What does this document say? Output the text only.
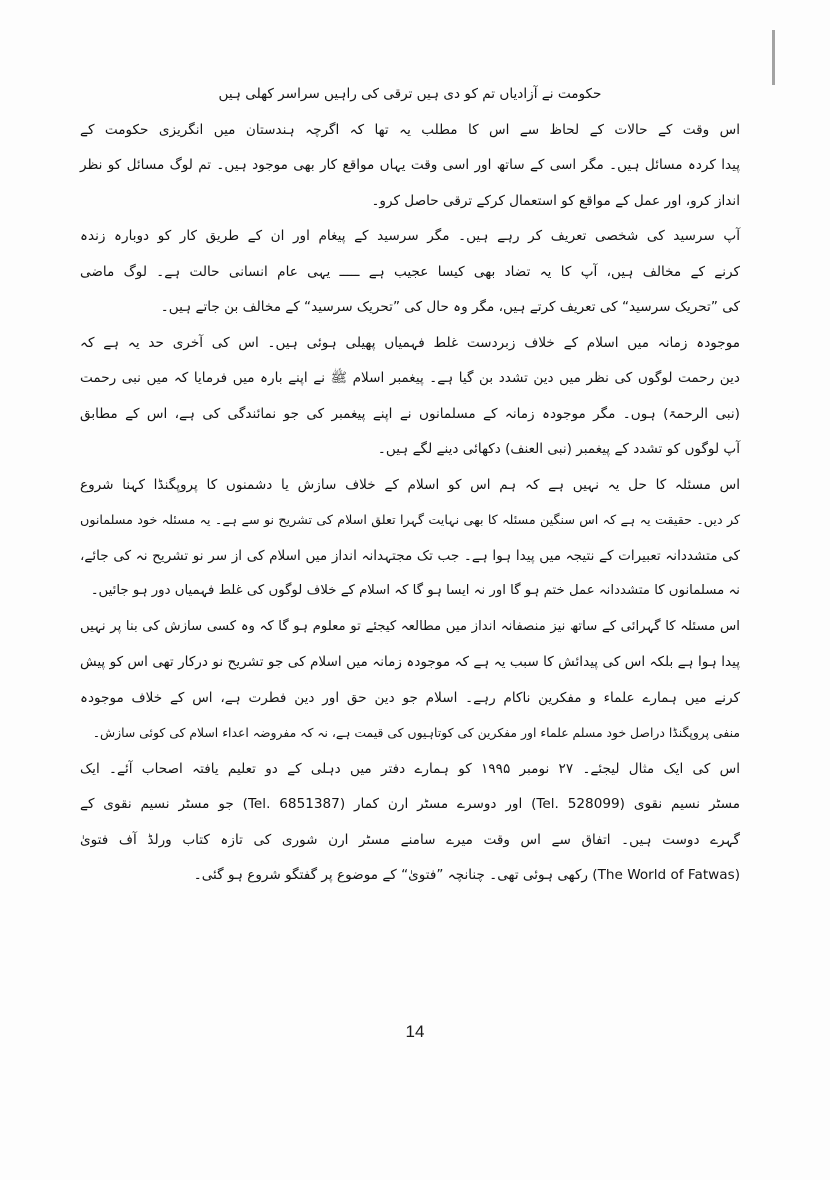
حکومت نے آزادیاں تم کو دی ہیں ترقی کی راہیں سراسر کھلی ہیں
اس وقت کے حالات کے لحاظ سے اس کا مطلب یہ تھا کہ اگرچہ ہندستان میں انگریزی حکومت کے
پیدا کردہ مسائل ہیں۔ مگر اسی کے ساتھ اور اسی وقت یہاں مواقع کار بھی موجود ہیں۔ تم لوگ مسائل کو نظر
انداز کرو، اور عمل کے مواقع کو استعمال کرکے ترقی حاصل کرو۔
آپ سرسید کی شخصی تعریف کر رہے ہیں۔ مگر سرسید کے پیغام اور ان کے طریق کار کو دوبارہ زندہ
کرنے کے مخالف ہیں، آپ کا یہ تضاد بھی کیسا عجیب ہے ـــــ یہی عام انسانی حالت ہے۔ لوگ ماضی
کی ”تحریک سرسید“ کی تعریف کرتے ہیں، مگر وہ حال کی ”تحریک سرسید“ کے مخالف بن جاتے ہیں۔
موجودہ زمانہ میں اسلام کے خلاف زبردست غلط فہمیاں پھیلی ہوئی ہیں۔ اس کی آخری حد یہ ہے کہ
دین رحمت لوگوں کی نظر میں دین تشدد بن گیا ہے۔ پیغمبر اسلام ﷺ نے اپنے بارہ میں فرمایا کہ میں نبی رحمت
(نبی الرحمۃ) ہوں۔ مگر موجودہ زمانہ کے مسلمانوں نے اپنے پیغمبر کی جو نمائندگی کی ہے، اس کے مطابق
آپ لوگوں کو تشدد کے پیغمبر (نبی العنف) دکھائی دینے لگے ہیں۔
اس مسئلہ کا حل یہ نہیں ہے کہ ہم اس کو اسلام کے خلاف سازش یا دشمنوں کا پروپگنڈا کہنا شروع
کر دیں۔ حقیقت یہ ہے کہ اس سنگین مسئلہ کا بھی نہایت گہرا تعلق اسلام کی تشریح نو سے ہے۔ یہ مسئلہ خود مسلمانوں
کی متشددانہ تعبیرات کے نتیجہ میں پیدا ہوا ہے۔ جب تک مجتہدانہ انداز میں اسلام کی از سر نو تشریح نہ کی جائے،
نہ مسلمانوں کا متشددانہ عمل ختم ہو گا اور نہ ایسا ہو گا کہ اسلام کے خلاف لوگوں کی غلط فہمیاں دور ہو جائیں۔
اس مسئلہ کا گہرائی کے ساتھ نیز منصفانہ انداز میں مطالعہ کیجئے تو معلوم ہو گا کہ وہ کسی سازش کی بنا پر نہیں
پیدا ہوا ہے بلکہ اس کی پیدائش کا سبب یہ ہے کہ موجودہ زمانہ میں اسلام کی جو تشریح نو درکار تھی اس کو پیش
کرنے میں ہمارے علماء و مفکرین ناکام رہے۔ اسلام جو دین حق اور دین فطرت ہے، اس کے خلاف موجودہ
منفی پروپگنڈا دراصل خود مسلم علماء اور مفکرین کی کوتاہیوں کی قیمت ہے، نہ کہ مفروضہ اعداء اسلام کی کوئی سازش۔
اس کی ایک مثال لیجئے۔ ۲۷ نومبر ۱۹۹۵ کو ہمارے دفتر میں دہلی کے دو تعلیم یافتہ اصحاب آئے۔ ایک
مسٹر نسیم نقوی (Tel. 528099) اور دوسرے مسٹر ارن کمار (Tel. 6851387) جو مسٹر نسیم نقوی کے
گہرے دوست ہیں۔ اتفاق سے اس وقت میرے سامنے مسٹر ارن شوری کی تازہ کتاب ورلڈ آف فتویٰ
(The World of Fatwas) رکھی ہوئی تھی۔ چنانچہ ”فتویٰ“ کے موضوع پر گفتگو شروع ہو گئی۔
14
